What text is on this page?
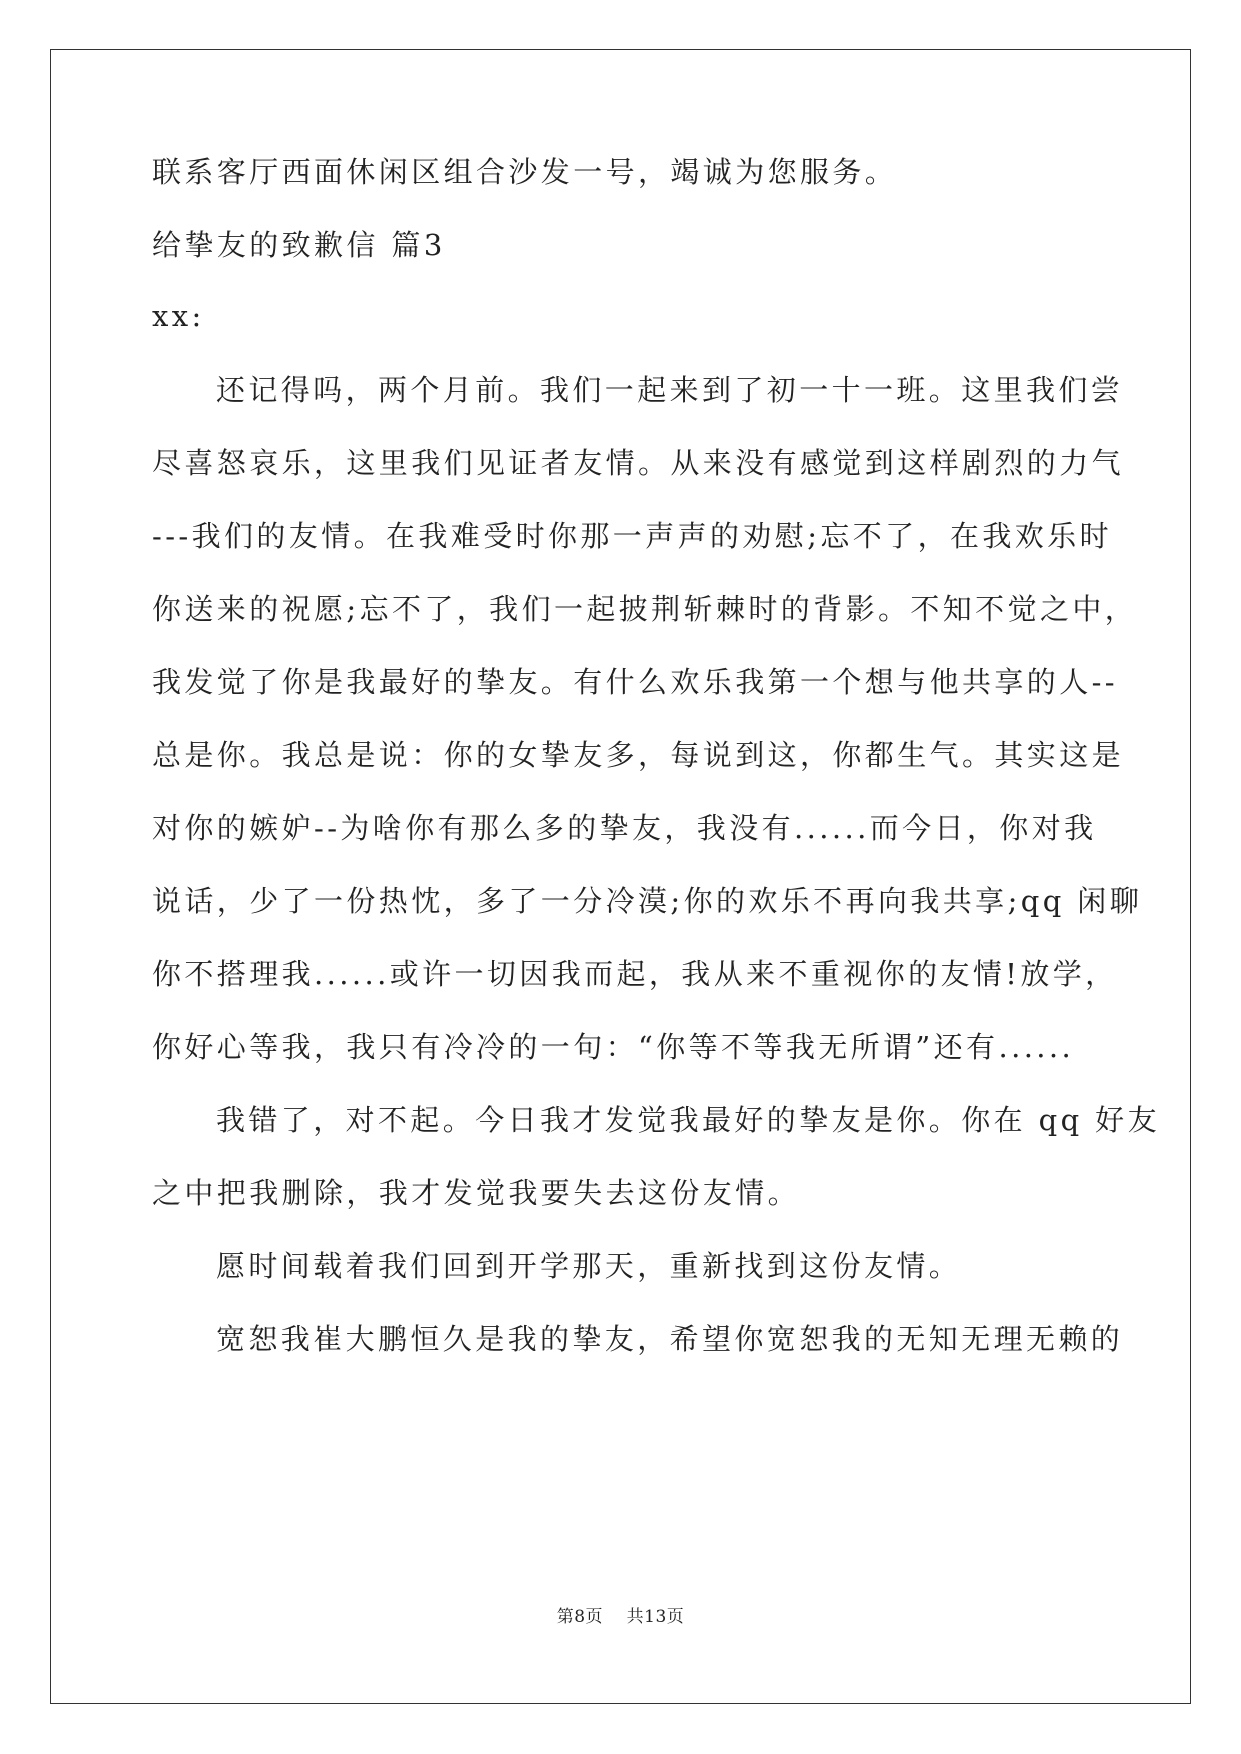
联系客厅西面休闲区组合沙发一号，竭诚为您服务。
给挚友的致歉信 篇3
xx:
还记得吗，两个月前。我们一起来到了初一十一班。这里我们尝
尽喜怒哀乐，这里我们见证者友情。从来没有感觉到这样剧烈的力气
---我们的友情。在我难受时你那一声声的劝慰;忘不了，在我欢乐时
你送来的祝愿;忘不了，我们一起披荆斩棘时的背影。不知不觉之中，
我发觉了你是我最好的挚友。有什么欢乐我第一个想与他共享的人--
总是你。我总是说：你的女挚友多，每说到这，你都生气。其实这是
对你的嫉妒--为啥你有那么多的挚友，我没有......而今日，你对我
说话，少了一份热忱，多了一分冷漠;你的欢乐不再向我共享;qq 闲聊
你不搭理我......或许一切因我而起，我从来不重视你的友情!放学，
你好心等我，我只有冷冷的一句：“你等不等我无所谓”还有......
我错了，对不起。今日我才发觉我最好的挚友是你。你在 qq 好友
之中把我删除，我才发觉我要失去这份友情。
愿时间载着我们回到开学那天，重新找到这份友情。
宽恕我崔大鹏恒久是我的挚友，希望你宽恕我的无知无理无赖的
第8页 共13页
